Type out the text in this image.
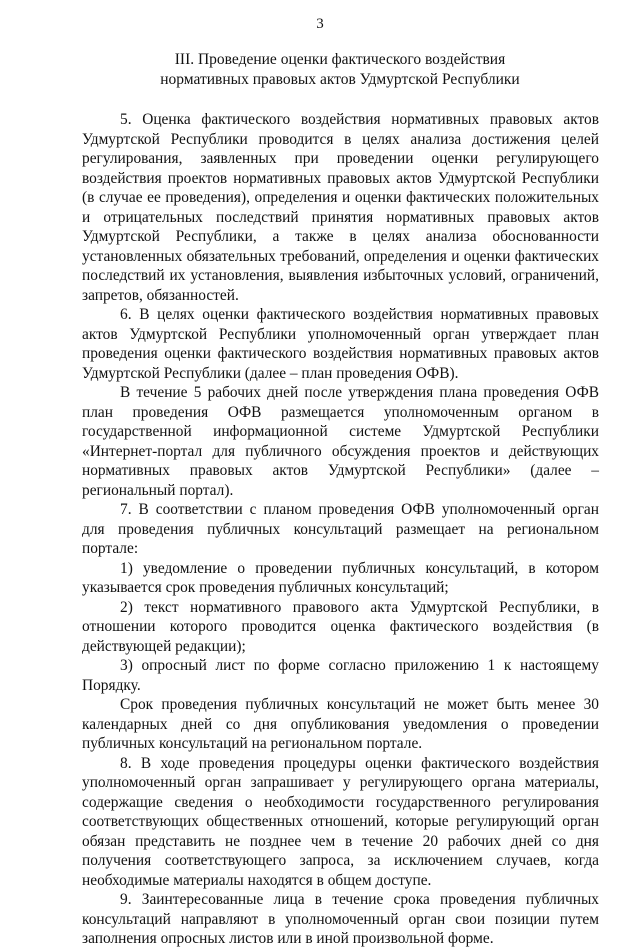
3
III. Проведение оценки фактического воздействия
нормативных правовых актов Удмуртской Республики

5. Оценка фактического воздействия нормативных правовых актов Удмуртской Республики проводится в целях анализа достижения целей регулирования, заявленных при проведении оценки регулирующего воздействия проектов нормативных правовых актов Удмуртской Республики (в случае ее проведения), определения и оценки фактических положительных и отрицательных последствий принятия нормативных правовых актов Удмуртской Республики, а также в целях анализа обоснованности установленных обязательных требований, определения и оценки фактических последствий их установления, выявления избыточных условий, ограничений, запретов, обязанностей.

6. В целях оценки фактического воздействия нормативных правовых актов Удмуртской Республики уполномоченный орган утверждает план проведения оценки фактического воздействия нормативных правовых актов Удмуртской Республики (далее – план проведения ОФВ).

В течение 5 рабочих дней после утверждения плана проведения ОФВ план проведения ОФВ размещается уполномоченным органом в государственной информационной системе Удмуртской Республики «Интернет-портал для публичного обсуждения проектов и действующих нормативных правовых актов Удмуртской Республики» (далее – региональный портал).

7. В соответствии с планом проведения ОФВ уполномоченный орган для проведения публичных консультаций размещает на региональном портале:

1) уведомление о проведении публичных консультаций, в котором указывается срок проведения публичных консультаций;

2) текст нормативного правового акта Удмуртской Республики, в отношении которого проводится оценка фактического воздействия (в действующей редакции);

3) опросный лист по форме согласно приложению 1 к настоящему Порядку.

Срок проведения публичных консультаций не может быть менее 30 календарных дней со дня опубликования уведомления о проведении публичных консультаций на региональном портале.

8. В ходе проведения процедуры оценки фактического воздействия уполномоченный орган запрашивает у регулирующего органа материалы, содержащие сведения о необходимости государственного регулирования соответствующих общественных отношений, которые регулирующий орган обязан представить не позднее чем в течение 20 рабочих дней со дня получения соответствующего запроса, за исключением случаев, когда необходимые материалы находятся в общем доступе.

9. Заинтересованные лица в течение срока проведения публичных консультаций направляют в уполномоченный орган свои позиции путем заполнения опросных листов или в иной произвольной форме.
